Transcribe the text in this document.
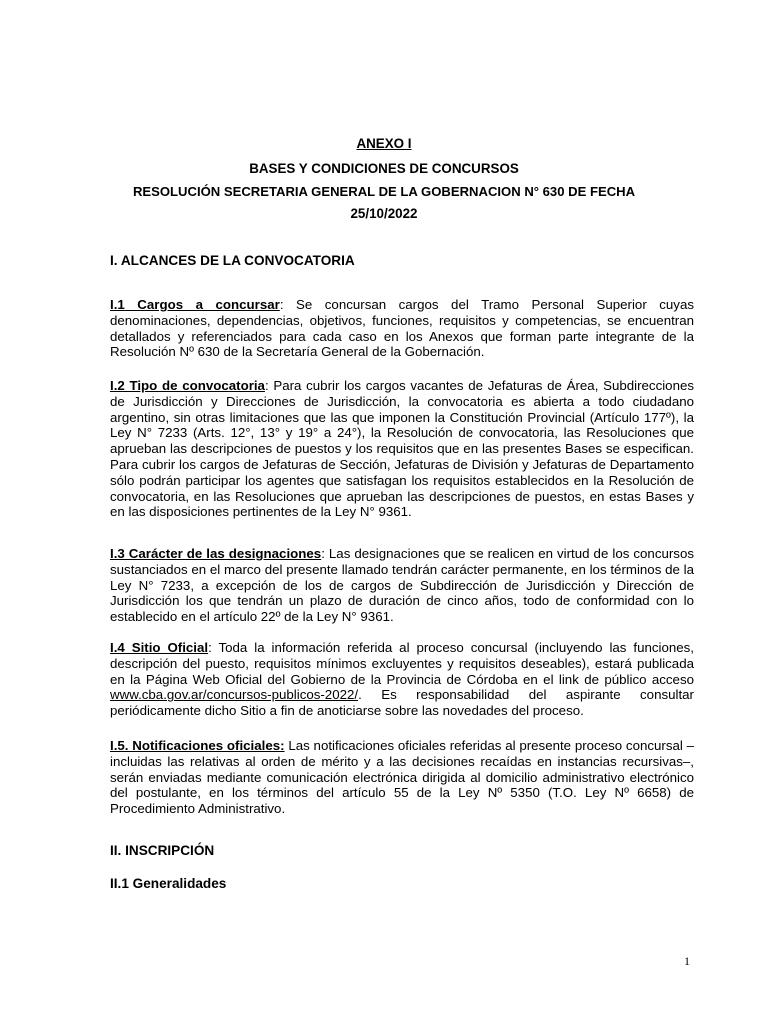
ANEXO I
BASES Y CONDICIONES DE CONCURSOS
RESOLUCIÓN SECRETARIA GENERAL DE LA GOBERNACION N° 630 DE FECHA
25/10/2022
I. ALCANCES DE LA CONVOCATORIA
I.1 Cargos a concursar: Se concursan cargos del Tramo Personal Superior cuyas denominaciones, dependencias, objetivos, funciones, requisitos y competencias, se encuentran detallados y referenciados para cada caso en los Anexos que forman parte integrante de la Resolución Nº 630 de la Secretaría General de la Gobernación.
I.2 Tipo de convocatoria: Para cubrir los cargos vacantes de Jefaturas de Área, Subdirecciones de Jurisdicción y Direcciones de Jurisdicción, la convocatoria es abierta a todo ciudadano argentino, sin otras limitaciones que las que imponen la Constitución Provincial (Artículo 177º), la Ley N° 7233 (Arts. 12°, 13° y 19° a 24°), la Resolución de convocatoria, las Resoluciones que aprueban las descripciones de puestos y los requisitos que en las presentes Bases se especifican. Para cubrir los cargos de Jefaturas de Sección, Jefaturas de División y Jefaturas de Departamento sólo podrán participar los agentes que satisfagan los requisitos establecidos en la Resolución de convocatoria, en las Resoluciones que aprueban las descripciones de puestos, en estas Bases y en las disposiciones pertinentes de la Ley N° 9361.
I.3 Carácter de las designaciones: Las designaciones que se realicen en virtud de los concursos sustanciados en el marco del presente llamado tendrán carácter permanente, en los términos de la Ley N° 7233, a excepción de los de cargos de Subdirección de Jurisdicción y Dirección de Jurisdicción los que tendrán un plazo de duración de cinco años, todo de conformidad con lo establecido en el artículo 22º de la Ley N° 9361.
I.4 Sitio Oficial: Toda la información referida al proceso concursal (incluyendo las funciones, descripción del puesto, requisitos mínimos excluyentes y requisitos deseables), estará publicada en la Página Web Oficial del Gobierno de la Provincia de Córdoba en el link de público acceso www.cba.gov.ar/concursos-publicos-2022/. Es responsabilidad del aspirante consultar periódicamente dicho Sitio a fin de anoticiarse sobre las novedades del proceso.
I.5. Notificaciones oficiales: Las notificaciones oficiales referidas al presente proceso concursal –incluidas las relativas al orden de mérito y a las decisiones recaídas en instancias recursivas–, serán enviadas mediante comunicación electrónica dirigida al domicilio administrativo electrónico del postulante, en los términos del artículo 55 de la Ley Nº 5350 (T.O. Ley Nº 6658) de Procedimiento Administrativo.
II. INSCRIPCIÓN
II.1 Generalidades
1
